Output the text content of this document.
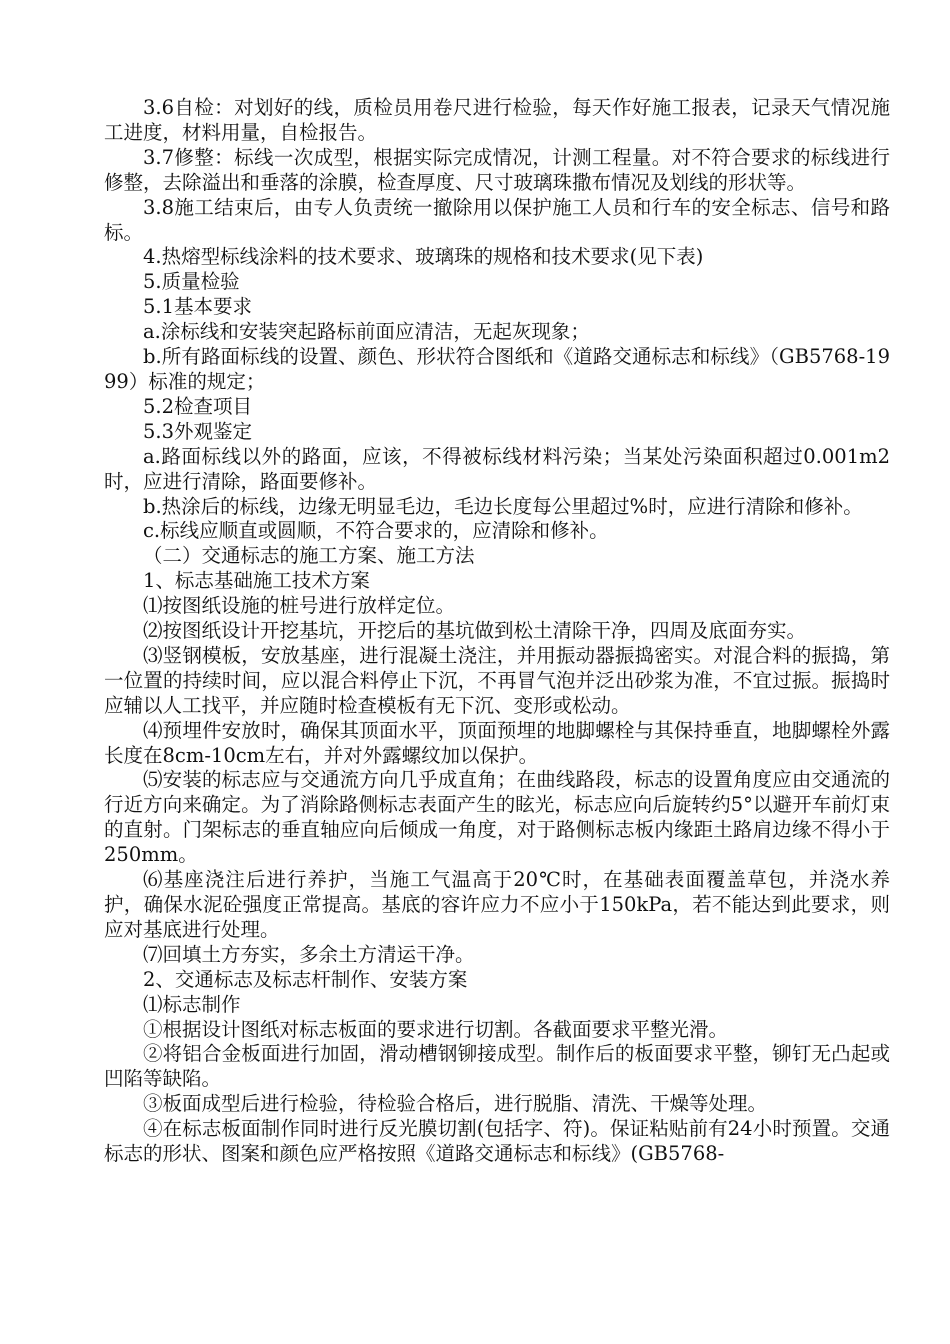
3.6自检：对划好的线，质检员用卷尺进行检验，每天作好施工报表，记录天气情况施工进度，材料用量，自检报告。

3.7修整：标线一次成型，根据实际完成情况，计测工程量。对不符合要求的标线进行修整，去除溢出和垂落的涂膜，检查厚度、尺寸玻璃珠撒布情况及划线的形状等。

3.8施工结束后，由专人负责统一撤除用以保护施工人员和行车的安全标志、信号和路标。

4.热熔型标线涂料的技术要求、玻璃珠的规格和技术要求(见下表)

5.质量检验

5.1基本要求

a.涂标线和安装突起路标前面应清洁，无起灰现象；

b.所有路面标线的设置、颜色、形状符合图纸和《道路交通标志和标线》（GB5768-1999）标准的规定；

5.2检查项目

5.3外观鉴定

a.路面标线以外的路面，应该，不得被标线材料污染；当某处污染面积超过0.001m2时，应进行清除，路面要修补。

b.热涂后的标线，边缘无明显毛边，毛边长度每公里超过%时，应进行清除和修补。

c.标线应顺直或圆顺，不符合要求的，应清除和修补。

（二）交通标志的施工方案、施工方法

1、标志基础施工技术方案

⑴按图纸设施的桩号进行放样定位。

⑵按图纸设计开挖基坑，开挖后的基坑做到松土清除干净，四周及底面夯实。

⑶竖钢模板，安放基座，进行混凝土浇注，并用振动器振捣密实。对混合料的振捣，第一位置的持续时间，应以混合料停止下沉，不再冒气泡并泛出砂浆为准，不宜过振。振捣时应辅以人工找平，并应随时检查模板有无下沉、变形或松动。

⑷预埋件安放时，确保其顶面水平，顶面预埋的地脚螺栓与其保持垂直，地脚螺栓外露长度在8cm-10cm左右，并对外露螺纹加以保护。

⑸安装的标志应与交通流方向几乎成直角；在曲线路段，标志的设置角度应由交通流的行近方向来确定。为了消除路侧标志表面产生的眩光，标志应向后旋转约5°以避开车前灯束的直射。门架标志的垂直轴应向后倾成一角度，对于路侧标志板内缘距土路肩边缘不得小于250mm。

⑹基座浇注后进行养护，当施工气温高于20℃时，在基础表面覆盖草包，并浇水养护，确保水泥砼强度正常提高。基底的容许应力不应小于150kPa，若不能达到此要求，则应对基底进行处理。

⑺回填土方夯实，多余土方清运干净。

2、交通标志及标志杆制作、安装方案

⑴标志制作

①根据设计图纸对标志板面的要求进行切割。各截面要求平整光滑。

②将铝合金板面进行加固，滑动槽钢铆接成型。制作后的板面要求平整，铆钉无凸起或凹陷等缺陷。

③板面成型后进行检验，待检验合格后，进行脱脂、清洗、干燥等处理。

④在标志板面制作同时进行反光膜切割(包括字、符)。保证粘贴前有24小时预置。交通标志的形状、图案和颜色应严格按照《道路交通标志和标线》(GB5768-
